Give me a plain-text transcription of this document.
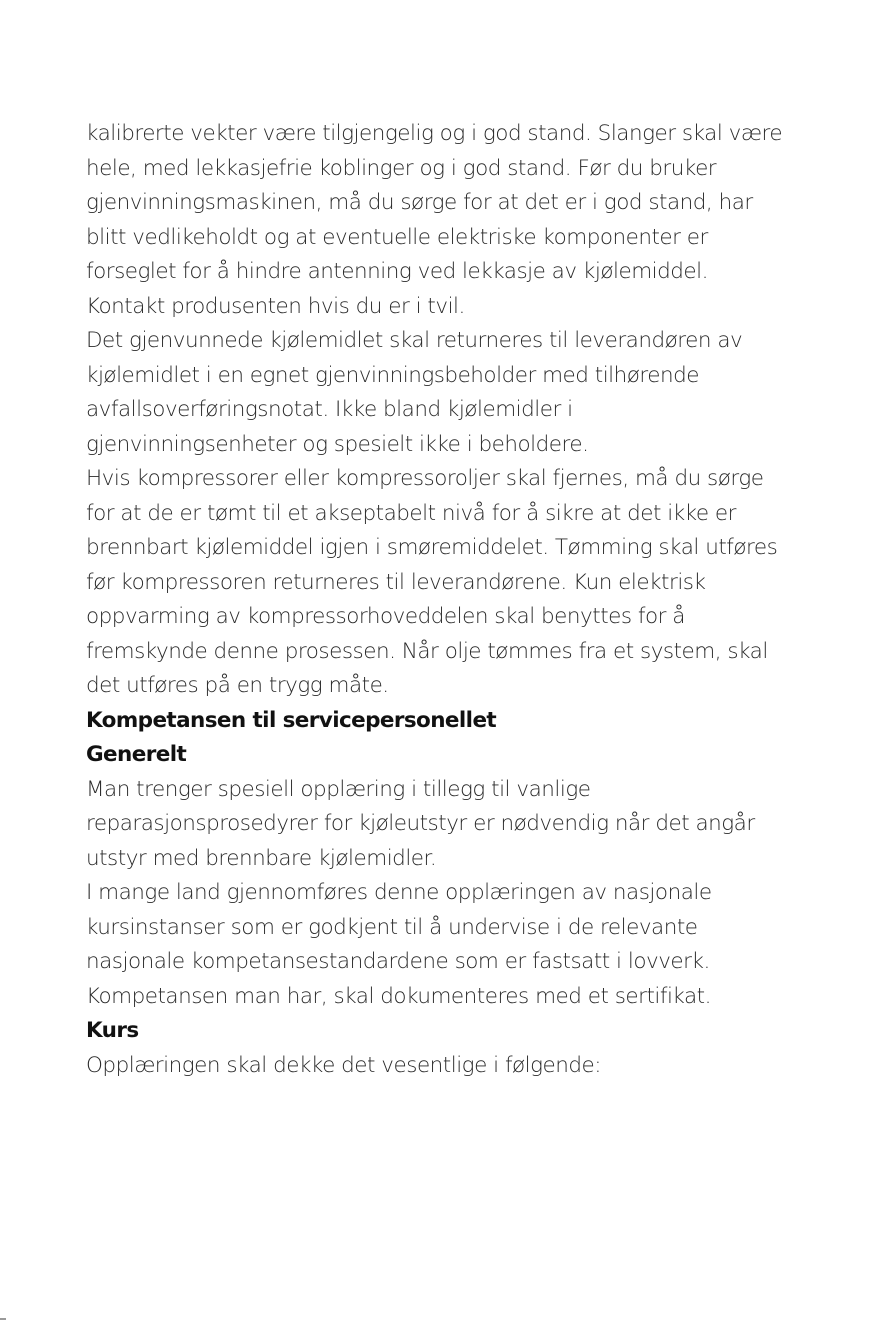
kalibrerte vekter være tilgjengelig og i god stand. Slanger skal være
hele, med lekkasjefrie koblinger og i god stand. Før du bruker
gjenvinningsmaskinen, må du sørge for at det er i god stand, har
blitt vedlikeholdt og at eventuelle elektriske komponenter er
forseglet for å hindre antenning ved lekkasje av kjølemiddel.
Kontakt produsenten hvis du er i tvil.
Det gjenvunnede kjølemidlet skal returneres til leverandøren av
kjølemidlet i en egnet gjenvinningsbeholder med tilhørende
avfallsoverføringsnotat. Ikke bland kjølemidler i
gjenvinningsenheter og spesielt ikke i beholdere.
Hvis kompressorer eller kompressoroljer skal fjernes, må du sørge
for at de er tømt til et akseptabelt nivå for å sikre at det ikke er
brennbart kjølemiddel igjen i smøremiddelet. Tømming skal utføres
før kompressoren returneres til leverandørene. Kun elektrisk
oppvarming av kompressorhoveddelen skal benyttes for å
fremskynde denne prosessen. Når olje tømmes fra et system, skal
det utføres på en trygg måte.
Kompetansen til servicepersonellet
Generelt
Man trenger spesiell opplæring i tillegg til vanlige
reparasjonsprosedyrer for kjøleutstyr er nødvendig når det angår
utstyr med brennbare kjølemidler.
I mange land gjennomføres denne opplæringen av nasjonale
kursinstanser som er godkjent til å undervise i de relevante
nasjonale kompetansestandardene som er fastsatt i lovverk.
Kompetansen man har, skal dokumenteres med et sertifikat.
Kurs
Opplæringen skal dekke det vesentlige i følgende:
